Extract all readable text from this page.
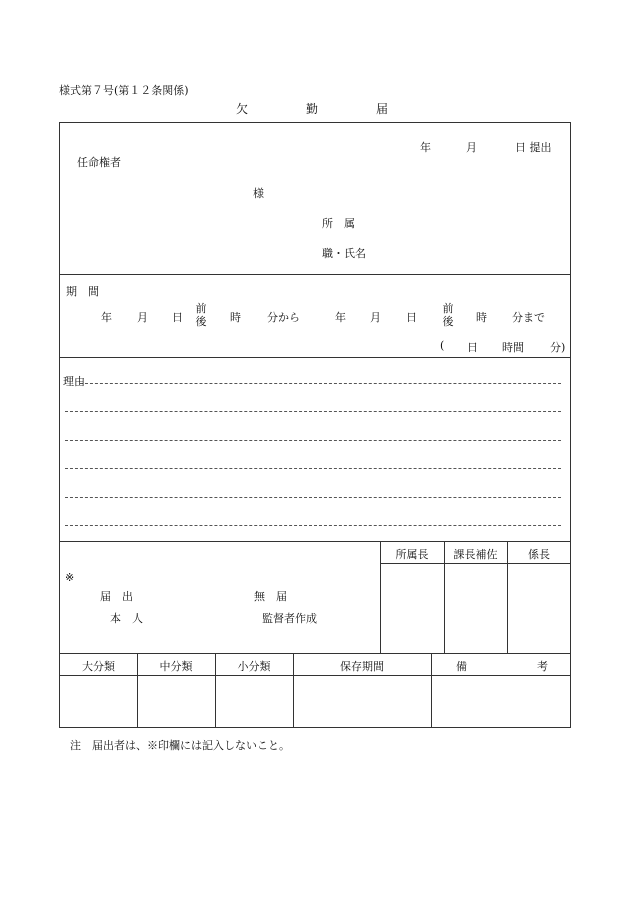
様式第７号(第１２条関係)
欠	勤	届
年	月	日 提出
任命権者
様
所　属
職・氏名
期　間
年 月 日
前
後 時 分から	年 月 日
前
後 時 分まで
( 日 時間 分)
理由
※
届　出	無　届
本　人	監督者作成
所属長	課長補佐	係長
大分類	中分類	小分類	保存期間	備	考
注　届出者は、※印欄には記入しないこと。
